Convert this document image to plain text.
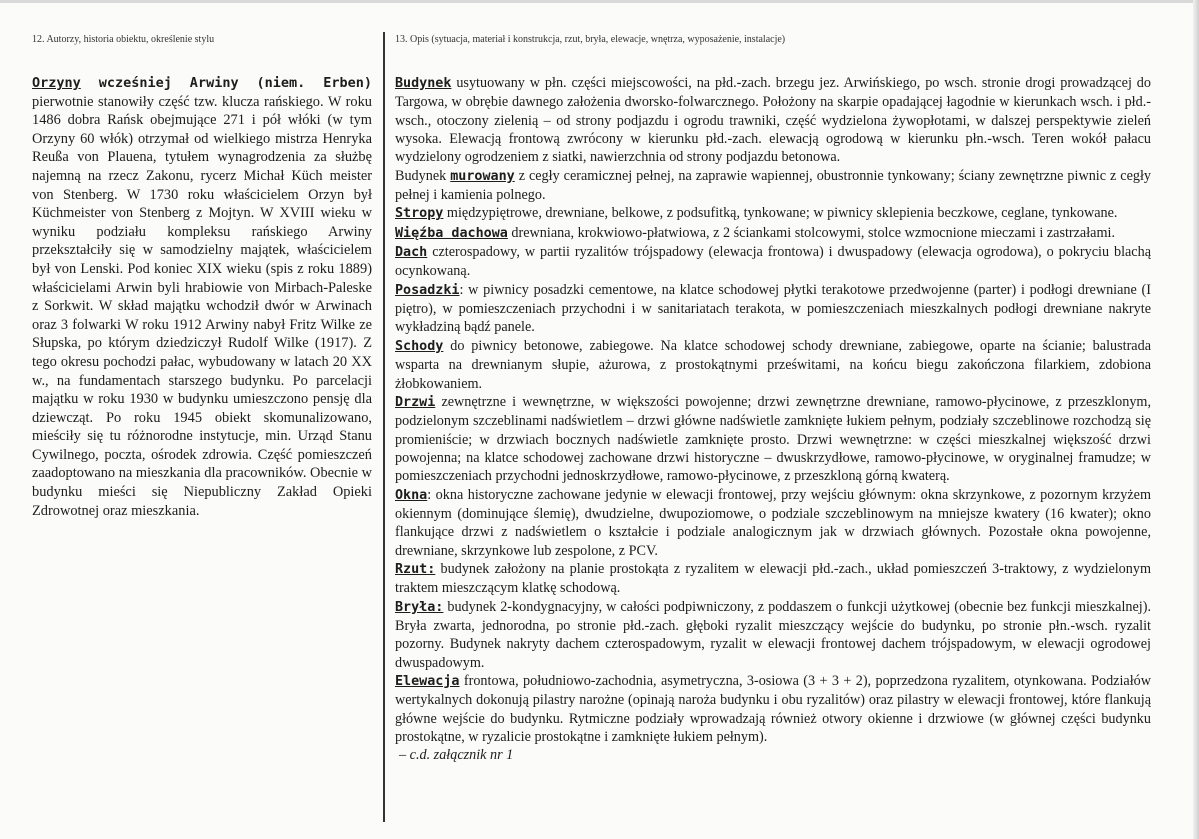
12. Autorzy, historia obiektu, określenie stylu

Orzyny wcześniej Arwiny (niem. Erben) pierwotnie stanowiły część tzw. klucza rańskiego. W roku 1486 dobra Rańsk obejmujące 271 i pół włóki (w tym Orzyny 60 włók) otrzymał od wielkiego mistrza Henryka Reußa von Plauena, tytułem wynagrodzenia za służbę najemną na rzecz Zakonu, rycerz Michał Küch meister von Stenberg. W 1730 roku właścicielem Orzyn był Küchmeister von Stenberg z Mojtyn. W XVIII wieku w wyniku podziału kompleksu rańskiego Arwiny przekształciły się w samodzielny majątek, właścicielem był von Lenski. Pod koniec XIX wieku (spis z roku 1889) właścicielami Arwin byli hrabiowie von Mirbach-Paleske z Sorkwit. W skład majątku wchodził dwór w Arwinach oraz 3 folwarki W roku 1912 Arwiny nabył Fritz Wilke ze Słupska, po którym dziedziczył Rudolf Wilke (1917). Z tego okresu pochodzi pałac, wybudowany w latach 20 XX w., na fundamentach starszego budynku. Po parcelacji majątku w roku 1930 w budynku umieszczono pensję dla dziewcząt. Po roku 1945 obiekt skomunalizowano, mieściły się tu różnorodne instytucje, min. Urząd Stanu Cywilnego, poczta, ośrodek zdrowia. Część pomieszczeń zaadoptowano na mieszkania dla pracowników. Obecnie w budynku mieści się Niepubliczny Zakład Opieki Zdrowotnej oraz mieszkania.

13. Opis (sytuacja, materiał i konstrukcja, rzut, bryła, elewacje, wnętrza, wyposażenie, instalacje)
Budynek usytuowany w płn. części miejscowości, na płd.-zach. brzegu jez. Arwińskiego, po wsch. stronie drogi prowadzącej do Targowa, w obrębie dawnego założenia dworsko-folwarcznego. Położony na skarpie opadającej łagodnie w kierunkach wsch. i płd.-wsch., otoczony zielenią – od strony podjazdu i ogrodu trawniki, część wydzielona żywopłotami, w dalszej perspektywie zieleń wysoka. Elewacją frontową zwrócony w kierunku płd.-zach. elewacją ogrodową w kierunku płn.-wsch. Teren wokół pałacu wydzielony ogrodzeniem z siatki, nawierzchnia od strony podjazdu betonowa.
Budynek murowany z cegły ceramicznej pełnej, na zaprawie wapiennej, obustronnie tynkowany; ściany zewnętrzne piwnic z cegły pełnej i kamienia polnego.
Stropy międzypiętrowe, drewniane, belkowe, z podsufitką, tynkowane; w piwnicy sklepienia beczkowe, ceglane, tynkowane.
Więźba dachowa drewniana, krokwiowo-płatwiowa, z 2 ściankami stolcowymi, stolce wzmocnione mieczami i zastrzałami.
Dach czterospadowy, w partii ryzalitów trójspadowy (elewacja frontowa) i dwuspadowy (elewacja ogrodowa), o pokryciu blachą ocynkowaną.
Posadzki: w piwnicy posadzki cementowe, na klatce schodowej płytki terakotowe przedwojenne (parter) i podłogi drewniane (I piętro), w pomieszczeniach przychodni i w sanitariatach terakota, w pomieszczeniach mieszkalnych podłogi drewniane nakryte wykładziną bądź panele.
Schody do piwnicy betonowe, zabiegowe. Na klatce schodowej schody drewniane, zabiegowe, oparte na ścianie; balustrada wsparta na drewnianym słupie, ażurowa, z prostokątnymi prześwitami, na końcu biegu zakończona filarkiem, zdobiona żłobkowaniem.
Drzwi zewnętrzne i wewnętrzne, w większości powojenne; drzwi zewnętrzne drewniane, ramowo-płycinowe, z przeszklonym, podzielonym szczeblinami nadświetlem – drzwi główne nadświetle zamknięte łukiem pełnym, podziały szczeblinowe rozchodzą się promieniście; w drzwiach bocznych nadświetle zamknięte prosto. Drzwi wewnętrzne: w części mieszkalnej większość drzwi powojenna; na klatce schodowej zachowane drzwi historyczne – dwuskrzydłowe, ramowo-płycinowe, w oryginalnej framudze; w pomieszczeniach przychodni jednoskrzydłowe, ramowo-płycinowe, z przeszkloną górną kwaterą.
Okna: okna historyczne zachowane jedynie w elewacji frontowej, przy wejściu głównym: okna skrzynkowe, z pozornym krzyżem okiennym (dominujące ślemię), dwudzielne, dwupoziomowe, o podziale szczeblinowym na mniejsze kwatery (16 kwater); okno flankujące drzwi z nadświetlem o kształcie i podziale analogicznym jak w drzwiach głównych. Pozostałe okna powojenne, drewniane, skrzynkowe lub zespolone, z PCV.
Rzut: budynek założony na planie prostokąta z ryzalitem w elewacji płd.-zach., układ pomieszczeń 3-traktowy, z wydzielonym traktem mieszczącym klatkę schodową.
Bryła: budynek 2-kondygnacyjny, w całości podpiwniczony, z poddaszem o funkcji użytkowej (obecnie bez funkcji mieszkalnej). Bryła zwarta, jednorodna, po stronie płd.-zach. głęboki ryzalit mieszczący wejście do budynku, po stronie płn.-wsch. ryzalit pozorny. Budynek nakryty dachem czterospadowym, ryzalit w elewacji frontowej dachem trójspadowym, w elewacji ogrodowej dwuspadowym.
Elewacja frontowa, południowo-zachodnia, asymetryczna, 3-osiowa (3 + 3 + 2), poprzedzona ryzalitem, otynkowana. Podziałów wertykalnych dokonują pilastry narożne (opinają naroża budynku i obu ryzalitów) oraz pilastry w elewacji frontowej, które flankują główne wejście do budynku. Rytmiczne podziały wprowadzają również otwory okienne i drzwiowe (w głównej części budynku prostokątne, w ryzalicie prostokątne i zamknięte łukiem pełnym).
– c.d. załącznik nr 1
